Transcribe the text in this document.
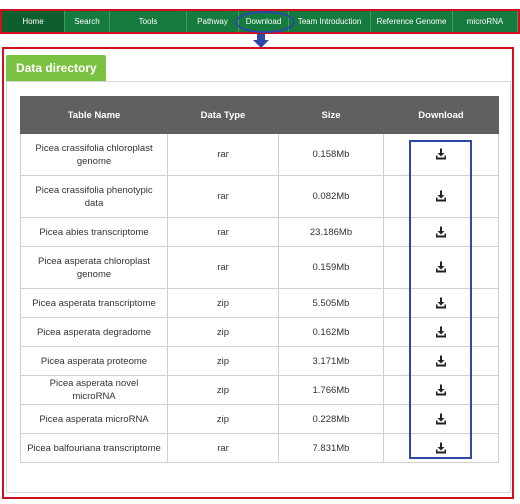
Home	Search	Tools	Pathway	Download	Team Introduction	Reference Genome	microRNA
Data directory
Table Name	Data Type	Size	Download
Picea crassifolia chloroplast genome	rar	0.158Mb	
Picea crassifolia phenotypic data	rar	0.082Mb	
Picea abies transcriptome	rar	23.186Mb	
Picea asperata chloroplast genome	rar	0.159Mb	
Picea asperata transcriptome	zip	5.505Mb	
Picea asperata degradome	zip	0.162Mb	
Picea asperata proteome	zip	3.171Mb	
Picea asperata novel microRNA	zip	1.766Mb	
Picea asperata microRNA	zip	0.228Mb	
Picea balfouriana transcriptome	rar	7.831Mb	
